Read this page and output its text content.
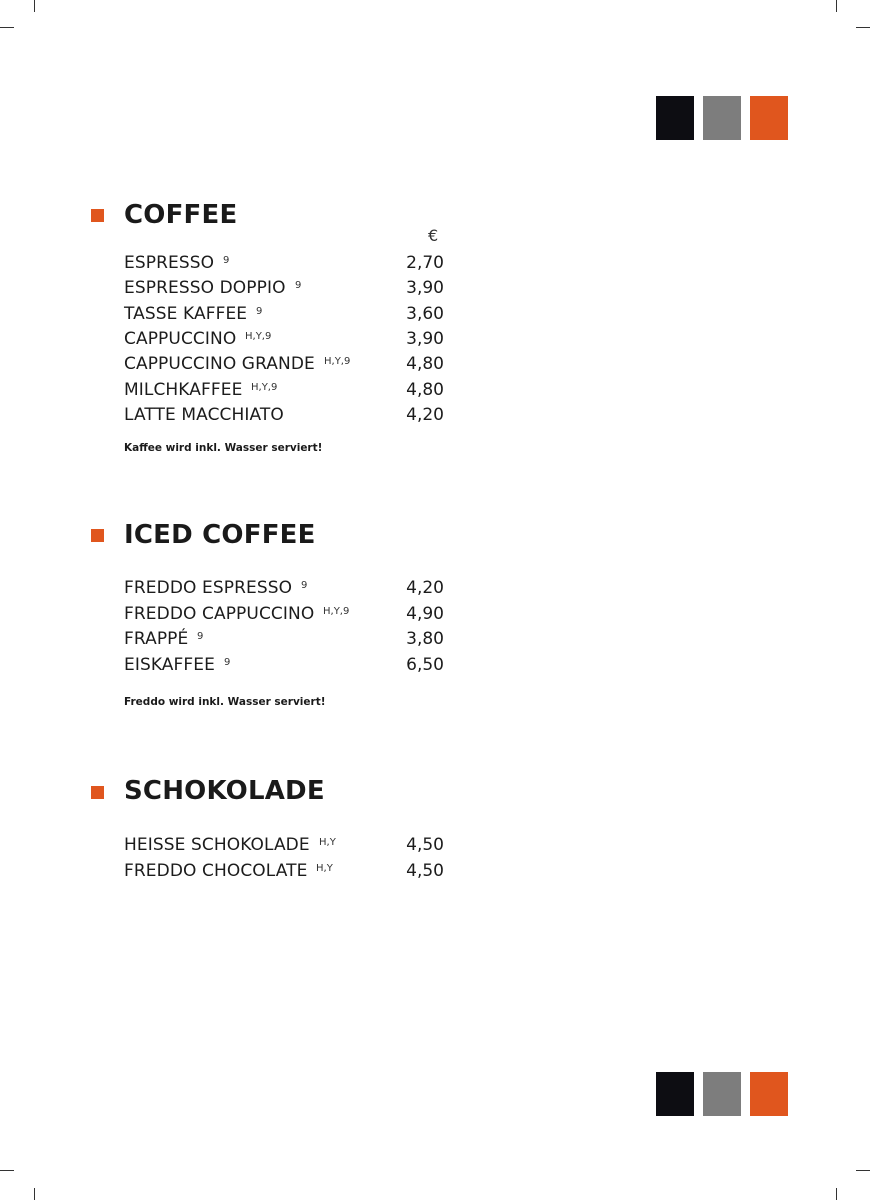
COFFEE
€
ESPRESSO 9	2,70
ESPRESSO DOPPIO 9	3,90
TASSE KAFFEE 9	3,60
CAPPUCCINO H,Y,9	3,90
CAPPUCCINO GRANDE H,Y,9	4,80
MILCHKAFFEE H,Y,9	4,80
LATTE MACCHIATO	4,20
Kaffee wird inkl. Wasser serviert!
ICED COFFEE
FREDDO ESPRESSO 9	4,20
FREDDO CAPPUCCINO H,Y,9	4,90
FRAPPÉ 9	3,80
EISKAFFEE 9	6,50
Freddo wird inkl. Wasser serviert!
SCHOKOLADE
HEISSE SCHOKOLADE H,Y	4,50
FREDDO CHOCOLATE H,Y	4,50
